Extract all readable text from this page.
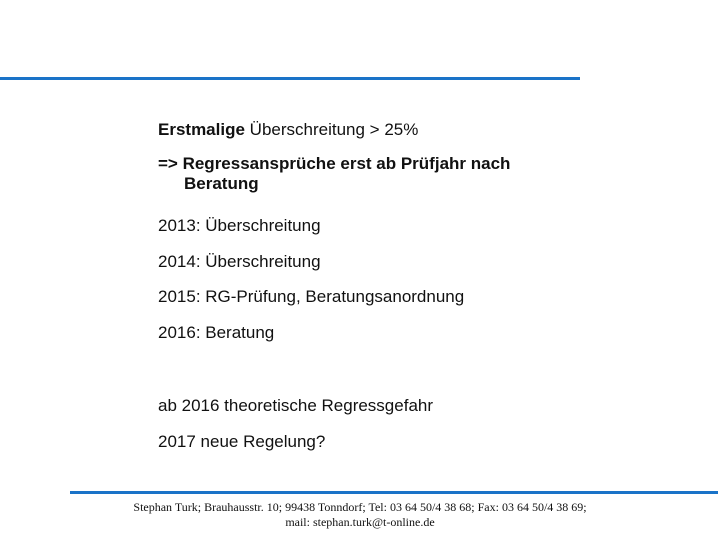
Erstmalige Überschreitung > 25%

=> Regressansprüche erst ab Prüfjahr nach
Beratung

2013: Überschreitung

2014: Überschreitung

2015: RG-Prüfung, Beratungsanordnung

2016: Beratung

ab 2016 theoretische Regressgefahr

2017 neue Regelung?

Stephan Turk; Brauhausstr. 10; 99438 Tonndorf; Tel: 03 64 50/4 38 68; Fax: 03 64 50/4 38 69;
mail: stephan.turk@t-online.de
